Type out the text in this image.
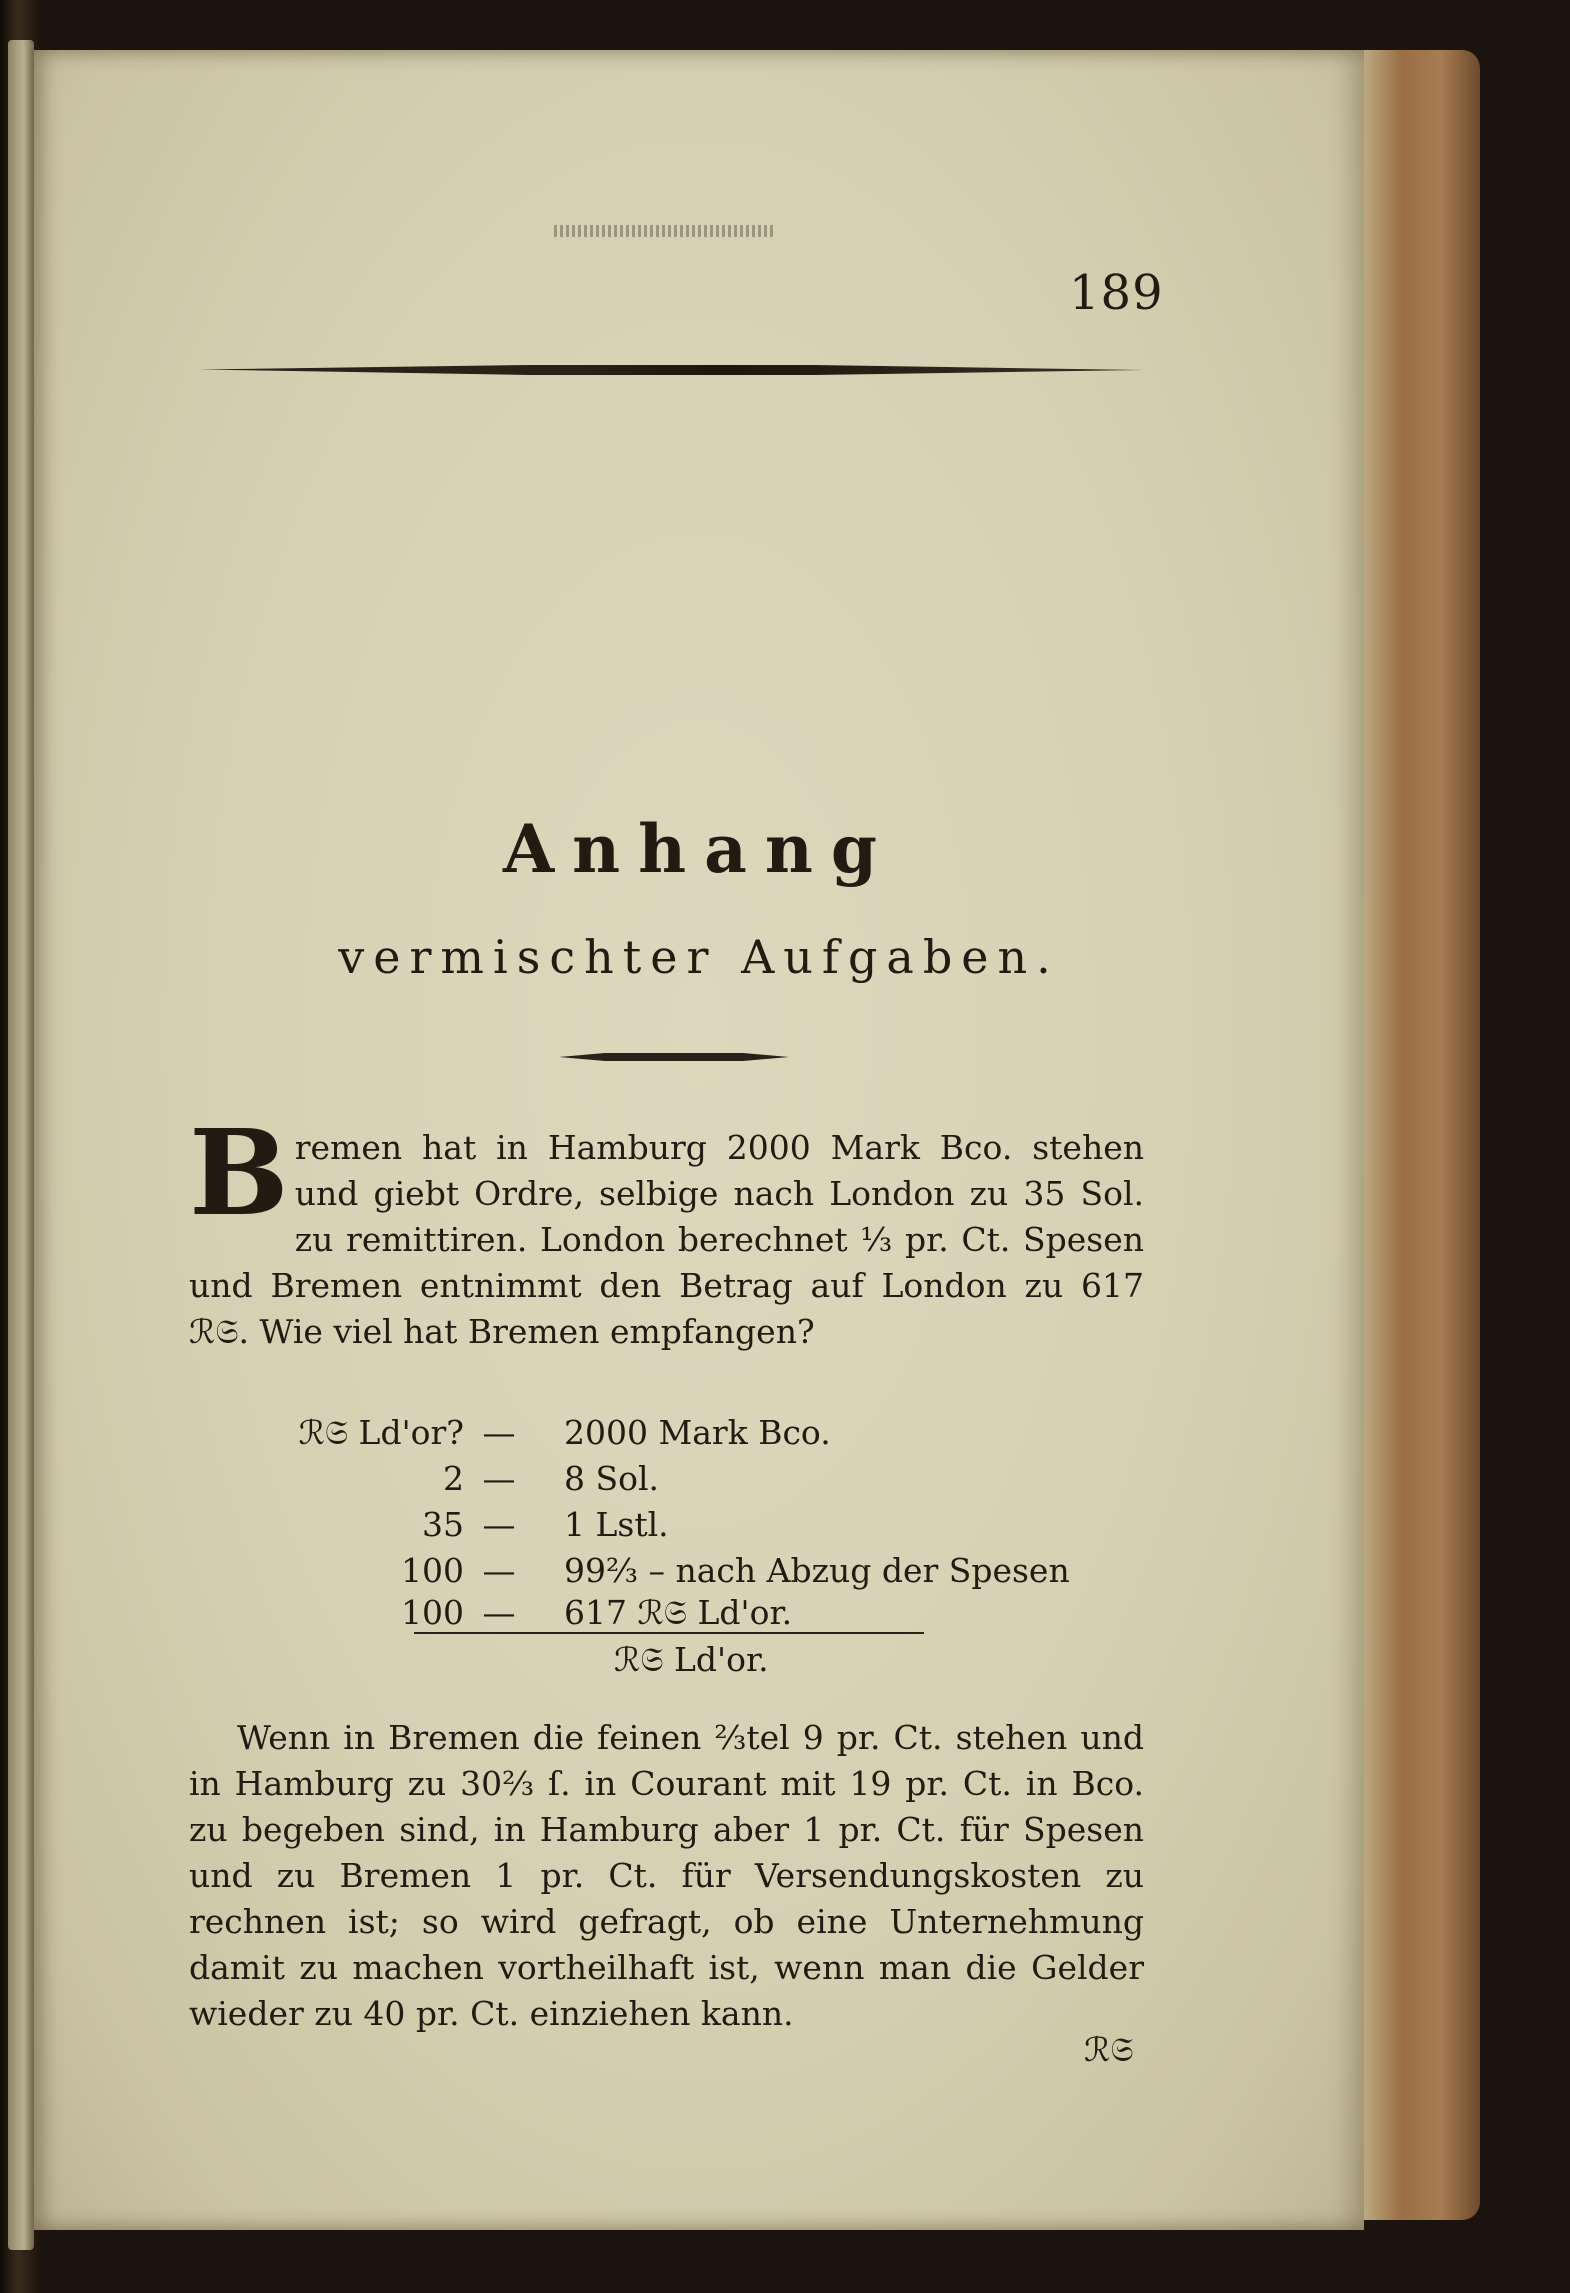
189
Anhang
vermischter Aufgaben.
B remen hat in Hamburg 2000 Mark Bco. stehen und giebt Ordre, selbige nach London zu 35 Sol. zu remittiren. London berechnet ⅓ pr. Ct. Spesen und Bremen entnimmt den Betrag auf London zu 617 ℛ𝔖. Wie viel hat Bremen empfangen?
ℛ𝔖 Ld'or? — 2000 Mark Bco.
2 — 8 Sol.
35 — 1 Lstl.
100 — 99⅔ – nach Abzug der Spesen
100 — 617 ℛ𝔖 Ld'or.
ℛ𝔖 Ld'or.
Wenn in Bremen die feinen ⅔tel 9 pr. Ct. stehen und in Hamburg zu 30⅔ ſ. in Courant mit 19 pr. Ct. in Bco. zu begeben sind, in Hamburg aber 1 pr. Ct. für Spesen und zu Bremen 1 pr. Ct. für Versendungskosten zu rechnen ist; so wird gefragt, ob eine Unternehmung damit zu machen vortheilhaft ist, wenn man die Gelder wieder zu 40 pr. Ct. einziehen kann.
ℛ𝔖
